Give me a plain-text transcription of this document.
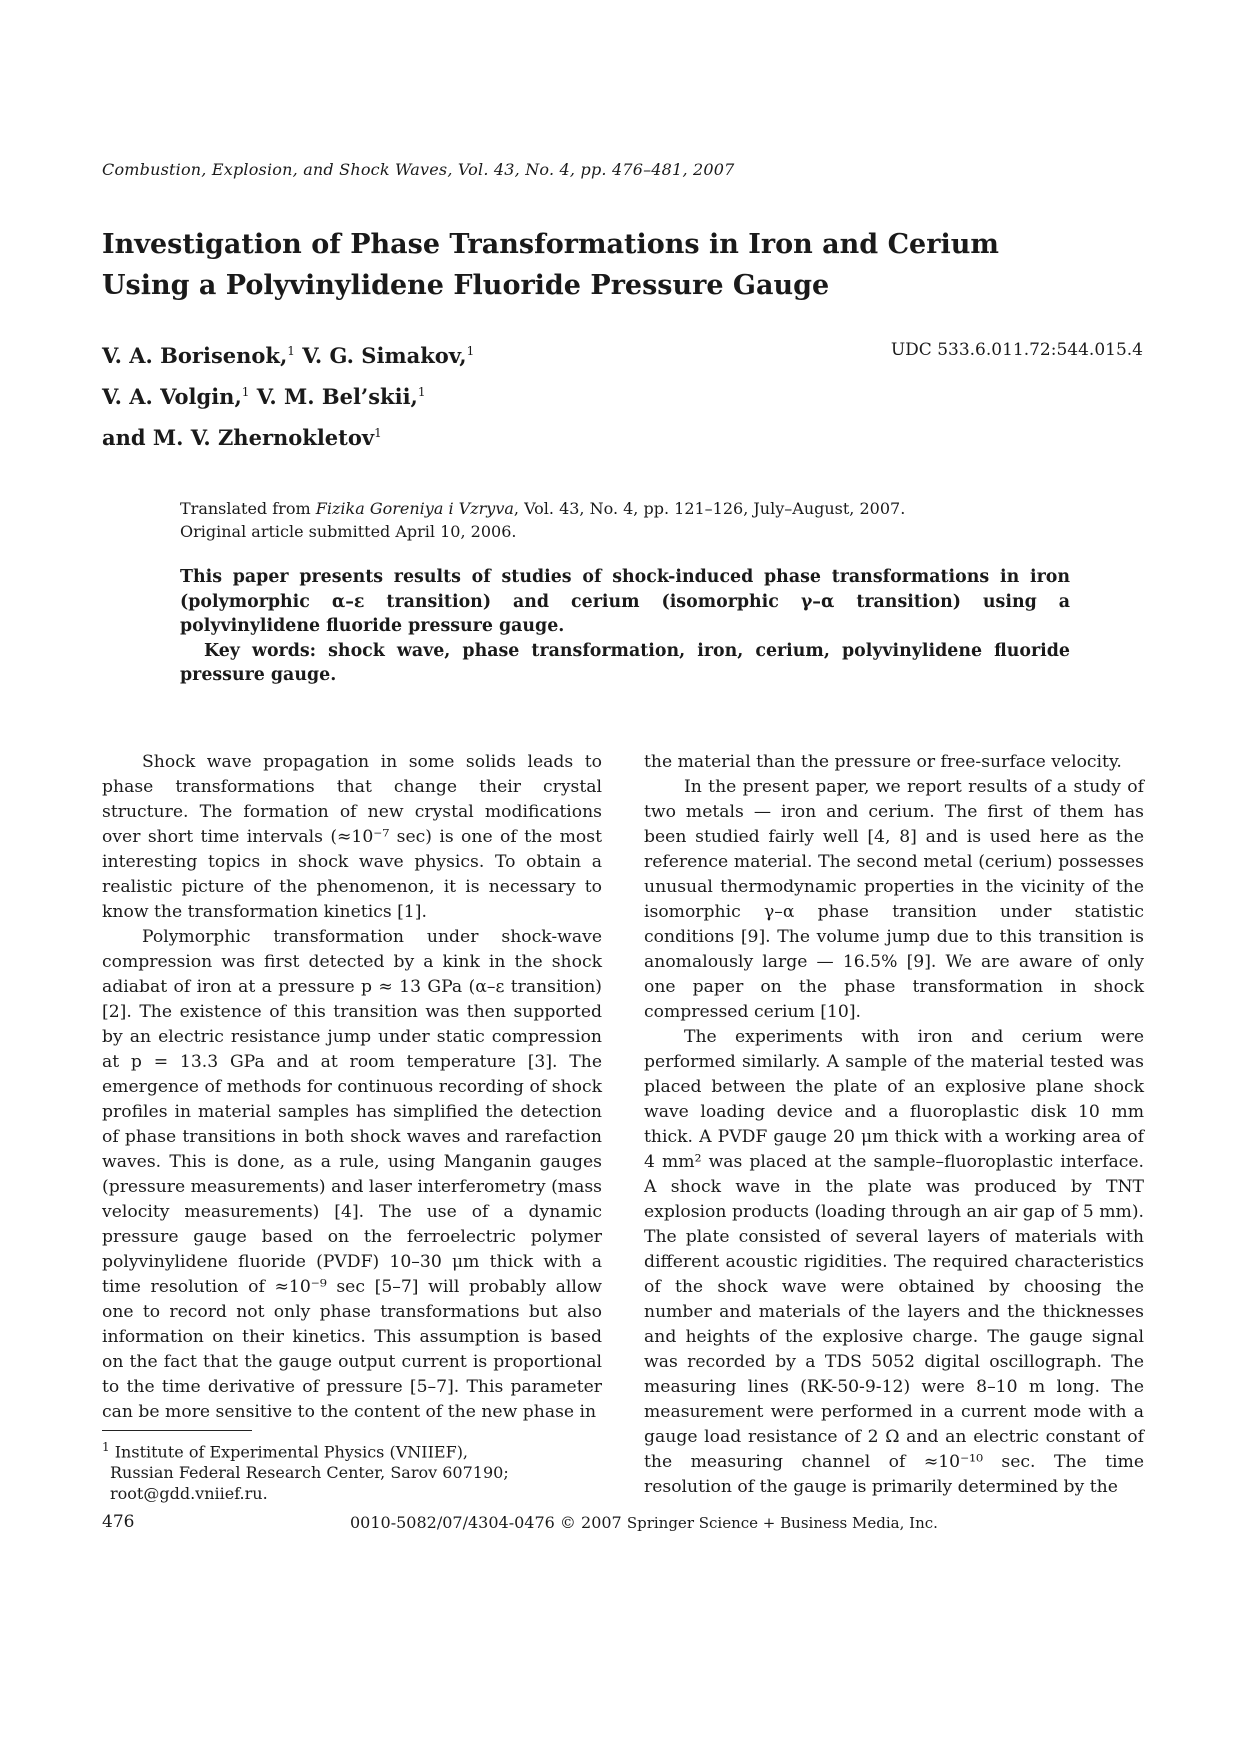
Combustion, Explosion, and Shock Waves, Vol. 43, No. 4, pp. 476–481, 2007
Investigation of Phase Transformations in Iron and Cerium
Using a Polyvinylidene Fluoride Pressure Gauge
V. A. Borisenok,$^1$ V. G. Simakov,$^1$
V. A. Volgin,$^1$ V. M. Bel’skii,$^1$
and M. V. Zhernokletov$^1$
UDC 533.6.011.72:544.015.4
Translated from Fizika Goreniya i Vzryva, Vol. 43, No. 4, pp. 121–126, July–August, 2007.
Original article submitted April 10, 2006.

This paper presents results of studies of shock-induced phase transformations in iron (polymorphic α–ε transition) and cerium (isomorphic γ–α transition) using a polyvinylidene fluoride pressure gauge.

Key words: shock wave, phase transformation, iron, cerium, polyvinylidene fluoride pressure gauge.

Shock wave propagation in some solids leads to phase transformations that change their crystal structure. The formation of new crystal modifications over short time intervals (≈10⁻⁷ sec) is one of the most interesting topics in shock wave physics. To obtain a realistic picture of the phenomenon, it is necessary to know the transformation kinetics [1].

Polymorphic transformation under shock-wave compression was first detected by a kink in the shock adiabat of iron at a pressure p ≈ 13 GPa (α–ε transition) [2]. The existence of this transition was then supported by an electric resistance jump under static compression at p = 13.3 GPa and at room temperature [3]. The emergence of methods for continuous recording of shock profiles in material samples has simplified the detection of phase transitions in both shock waves and rarefaction waves. This is done, as a rule, using Manganin gauges (pressure measurements) and laser interferometry (mass velocity measurements) [4]. The use of a dynamic pressure gauge based on the ferroelectric polymer polyvinylidene fluoride (PVDF) 10–30 μm thick with a time resolution of ≈10⁻⁹ sec [5–7] will probably allow one to record not only phase transformations but also information on their kinetics. This assumption is based on the fact that the gauge output current is proportional to the time derivative of pressure [5–7]. This parameter can be more sensitive to the content of the new phase in

the material than the pressure or free-surface velocity.

In the present paper, we report results of a study of two metals — iron and cerium. The first of them has been studied fairly well [4, 8] and is used here as the reference material. The second metal (cerium) possesses unusual thermodynamic properties in the vicinity of the isomorphic γ–α phase transition under statistic conditions [9]. The volume jump due to this transition is anomalously large — 16.5% [9]. We are aware of only one paper on the phase transformation in shock compressed cerium [10].

The experiments with iron and cerium were performed similarly. A sample of the material tested was placed between the plate of an explosive plane shock wave loading device and a fluoroplastic disk 10 mm thick. A PVDF gauge 20 μm thick with a working area of 4 mm² was placed at the sample–fluoroplastic interface. A shock wave in the plate was produced by TNT explosion products (loading through an air gap of 5 mm). The plate consisted of several layers of materials with different acoustic rigidities. The required characteristics of the shock wave were obtained by choosing the number and materials of the layers and the thicknesses and heights of the explosive charge. The gauge signal was recorded by a TDS 5052 digital oscillograph. The measuring lines (RK-50-9-12) were 8–10 m long. The measurement were performed in a current mode with a gauge load resistance of 2 Ω and an electric constant of the measuring channel of ≈10⁻¹⁰ sec. The time resolution of the gauge is primarily determined by the

$^1$ Institute of Experimental Physics (VNIIEF),
Russian Federal Research Center, Sarov 607190;
root@gdd.vniief.ru.
476	0010-5082/07/4304-0476 © 2007 Springer Science + Business Media, Inc.
